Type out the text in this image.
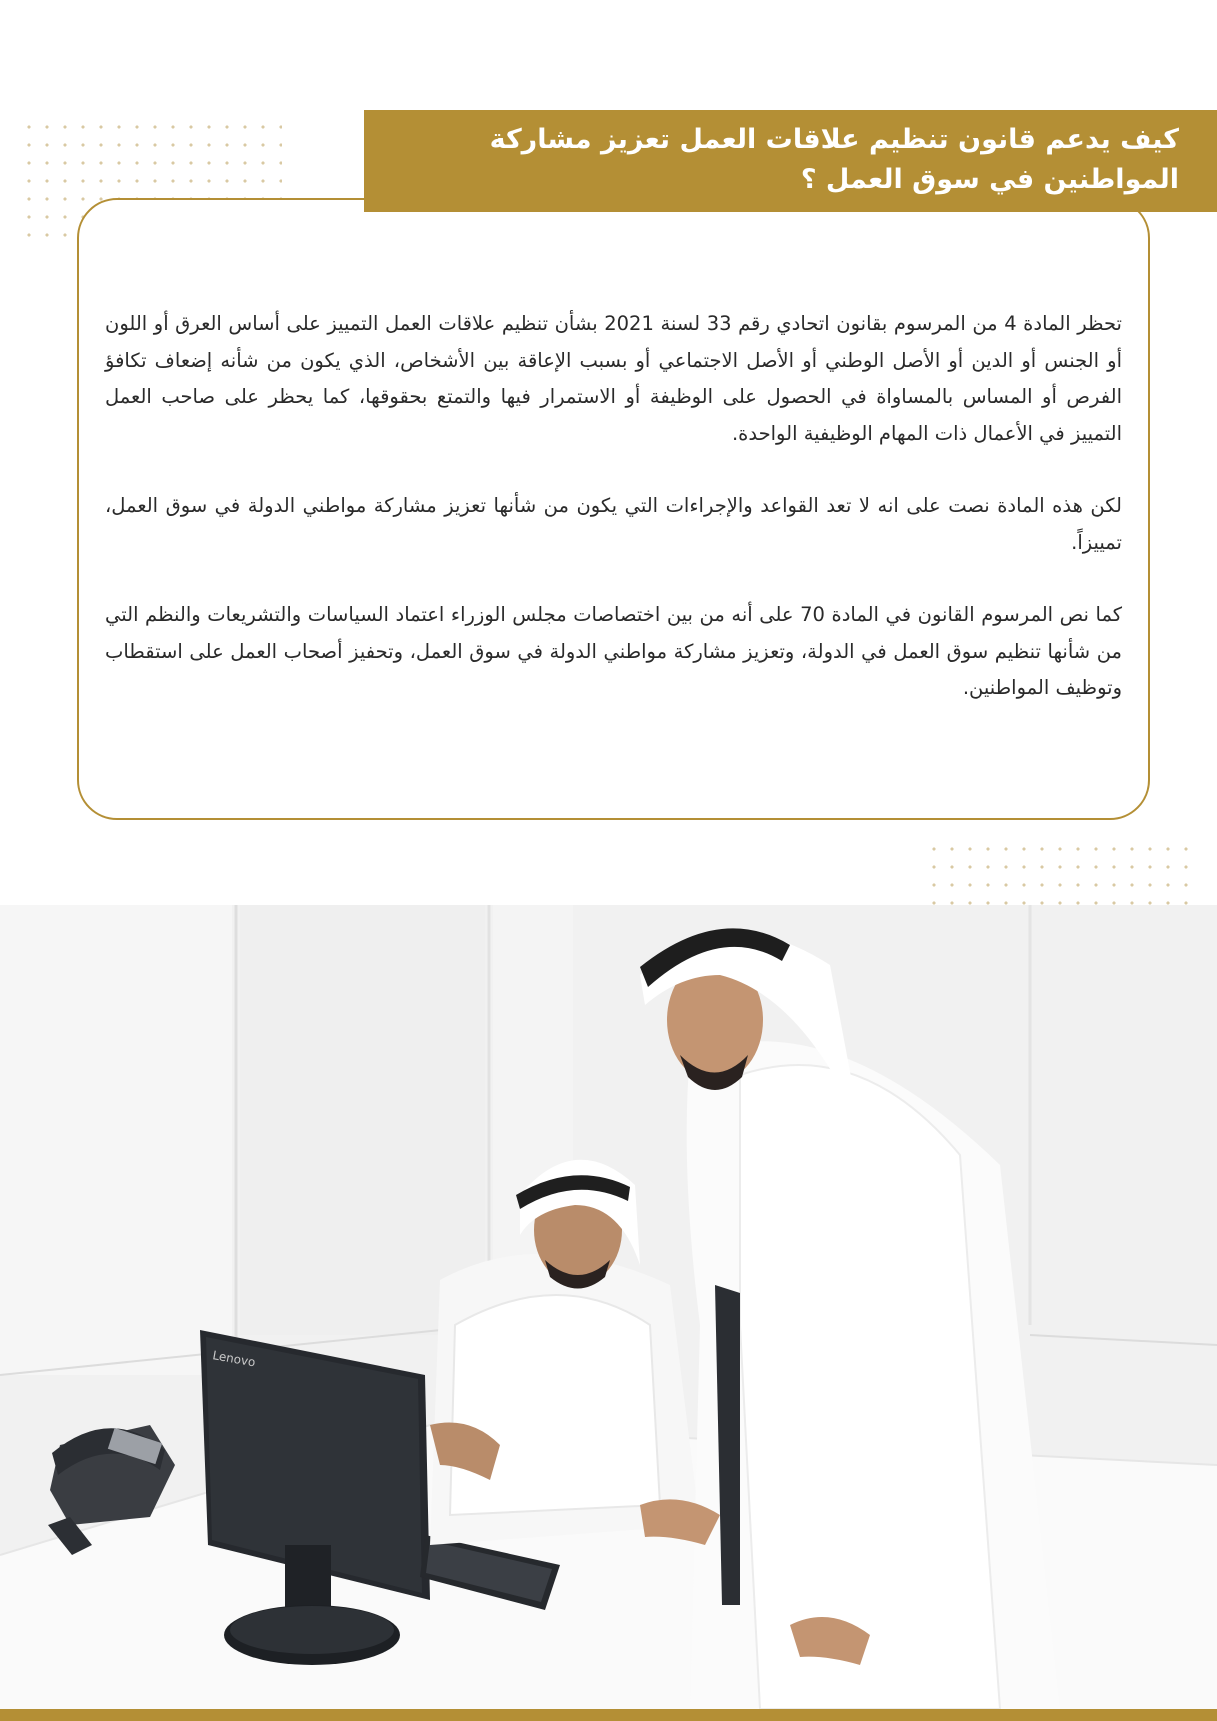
تحظر المادة 4 من المرسوم بقانون اتحادي رقم 33 لسنة 2021 بشأن تنظيم علاقات العمل التمييز على أساس العرق أو اللون أو الجنس أو الدين أو الأصل الوطني أو الأصل الاجتماعي أو بسبب الإعاقة بين الأشخاص، الذي يكون من شأنه إضعاف تكافؤ الفرص أو المساس بالمساواة في الحصول على الوظيفة أو الاستمرار فيها والتمتع بحقوقها، كما يحظر على صاحب العمل التمييز في الأعمال ذات المهام الوظيفية الواحدة.

لكن هذه المادة نصت على انه لا تعد القواعد والإجراءات التي يكون من شأنها تعزيز مشاركة مواطني الدولة في سوق العمل، تمييزاً.

كما نص المرسوم القانون في المادة 70 على أنه من بين اختصاصات مجلس الوزراء اعتماد السياسات والتشريعات والنظم التي من شأنها تنظيم سوق العمل في الدولة، وتعزيز مشاركة مواطني الدولة في سوق العمل، وتحفيز أصحاب العمل على استقطاب وتوظيف المواطنين.

كيف يدعم قانون تنظيم علاقات العمل تعزيز مشاركة
المواطنين في سوق العمل ؟
Lenovo
